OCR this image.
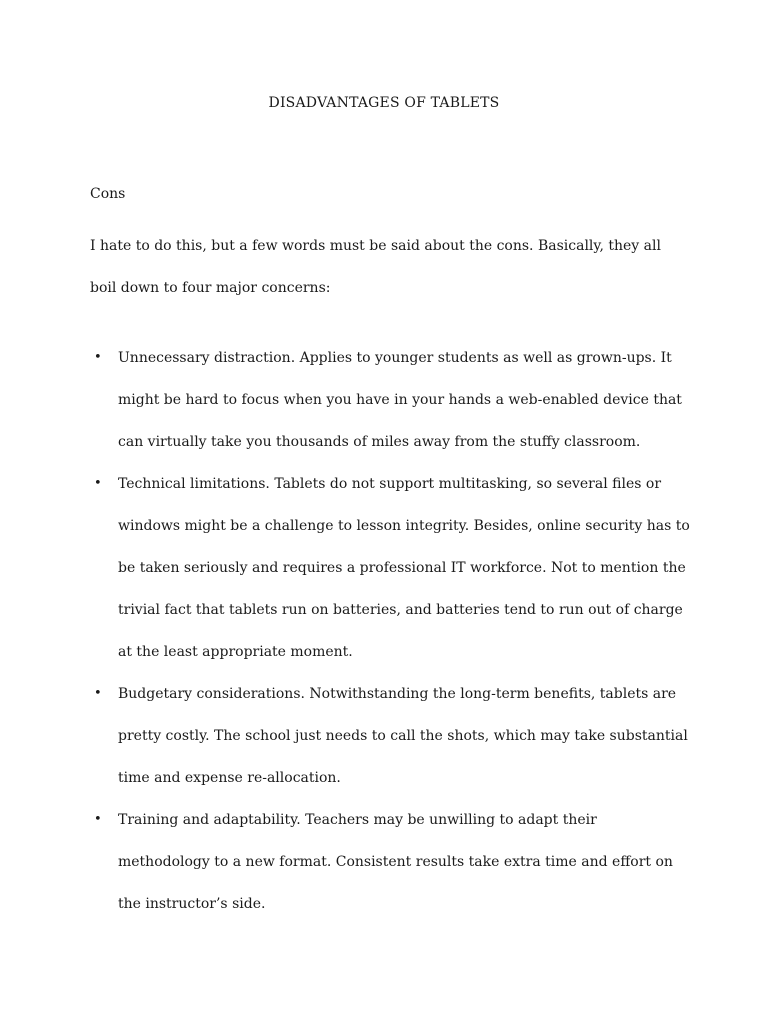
DISADVANTAGES OF TABLETS
Cons

I hate to do this, but a few words must be said about the cons. Basically, they all boil down to four major concerns:

• Unnecessary distraction. Applies to younger students as well as grown-ups. It might be hard to focus when you have in your hands a web-enabled device that can virtually take you thousands of miles away from the stuffy classroom.
• Technical limitations. Tablets do not support multitasking, so several files or windows might be a challenge to lesson integrity. Besides, online security has to be taken seriously and requires a professional IT workforce. Not to mention the trivial fact that tablets run on batteries, and batteries tend to run out of charge at the least appropriate moment.
• Budgetary considerations. Notwithstanding the long-term benefits, tablets are pretty costly. The school just needs to call the shots, which may take substantial time and expense re-allocation.
• Training and adaptability. Teachers may be unwilling to adapt their methodology to a new format. Consistent results take extra time and effort on the instructor’s side.
